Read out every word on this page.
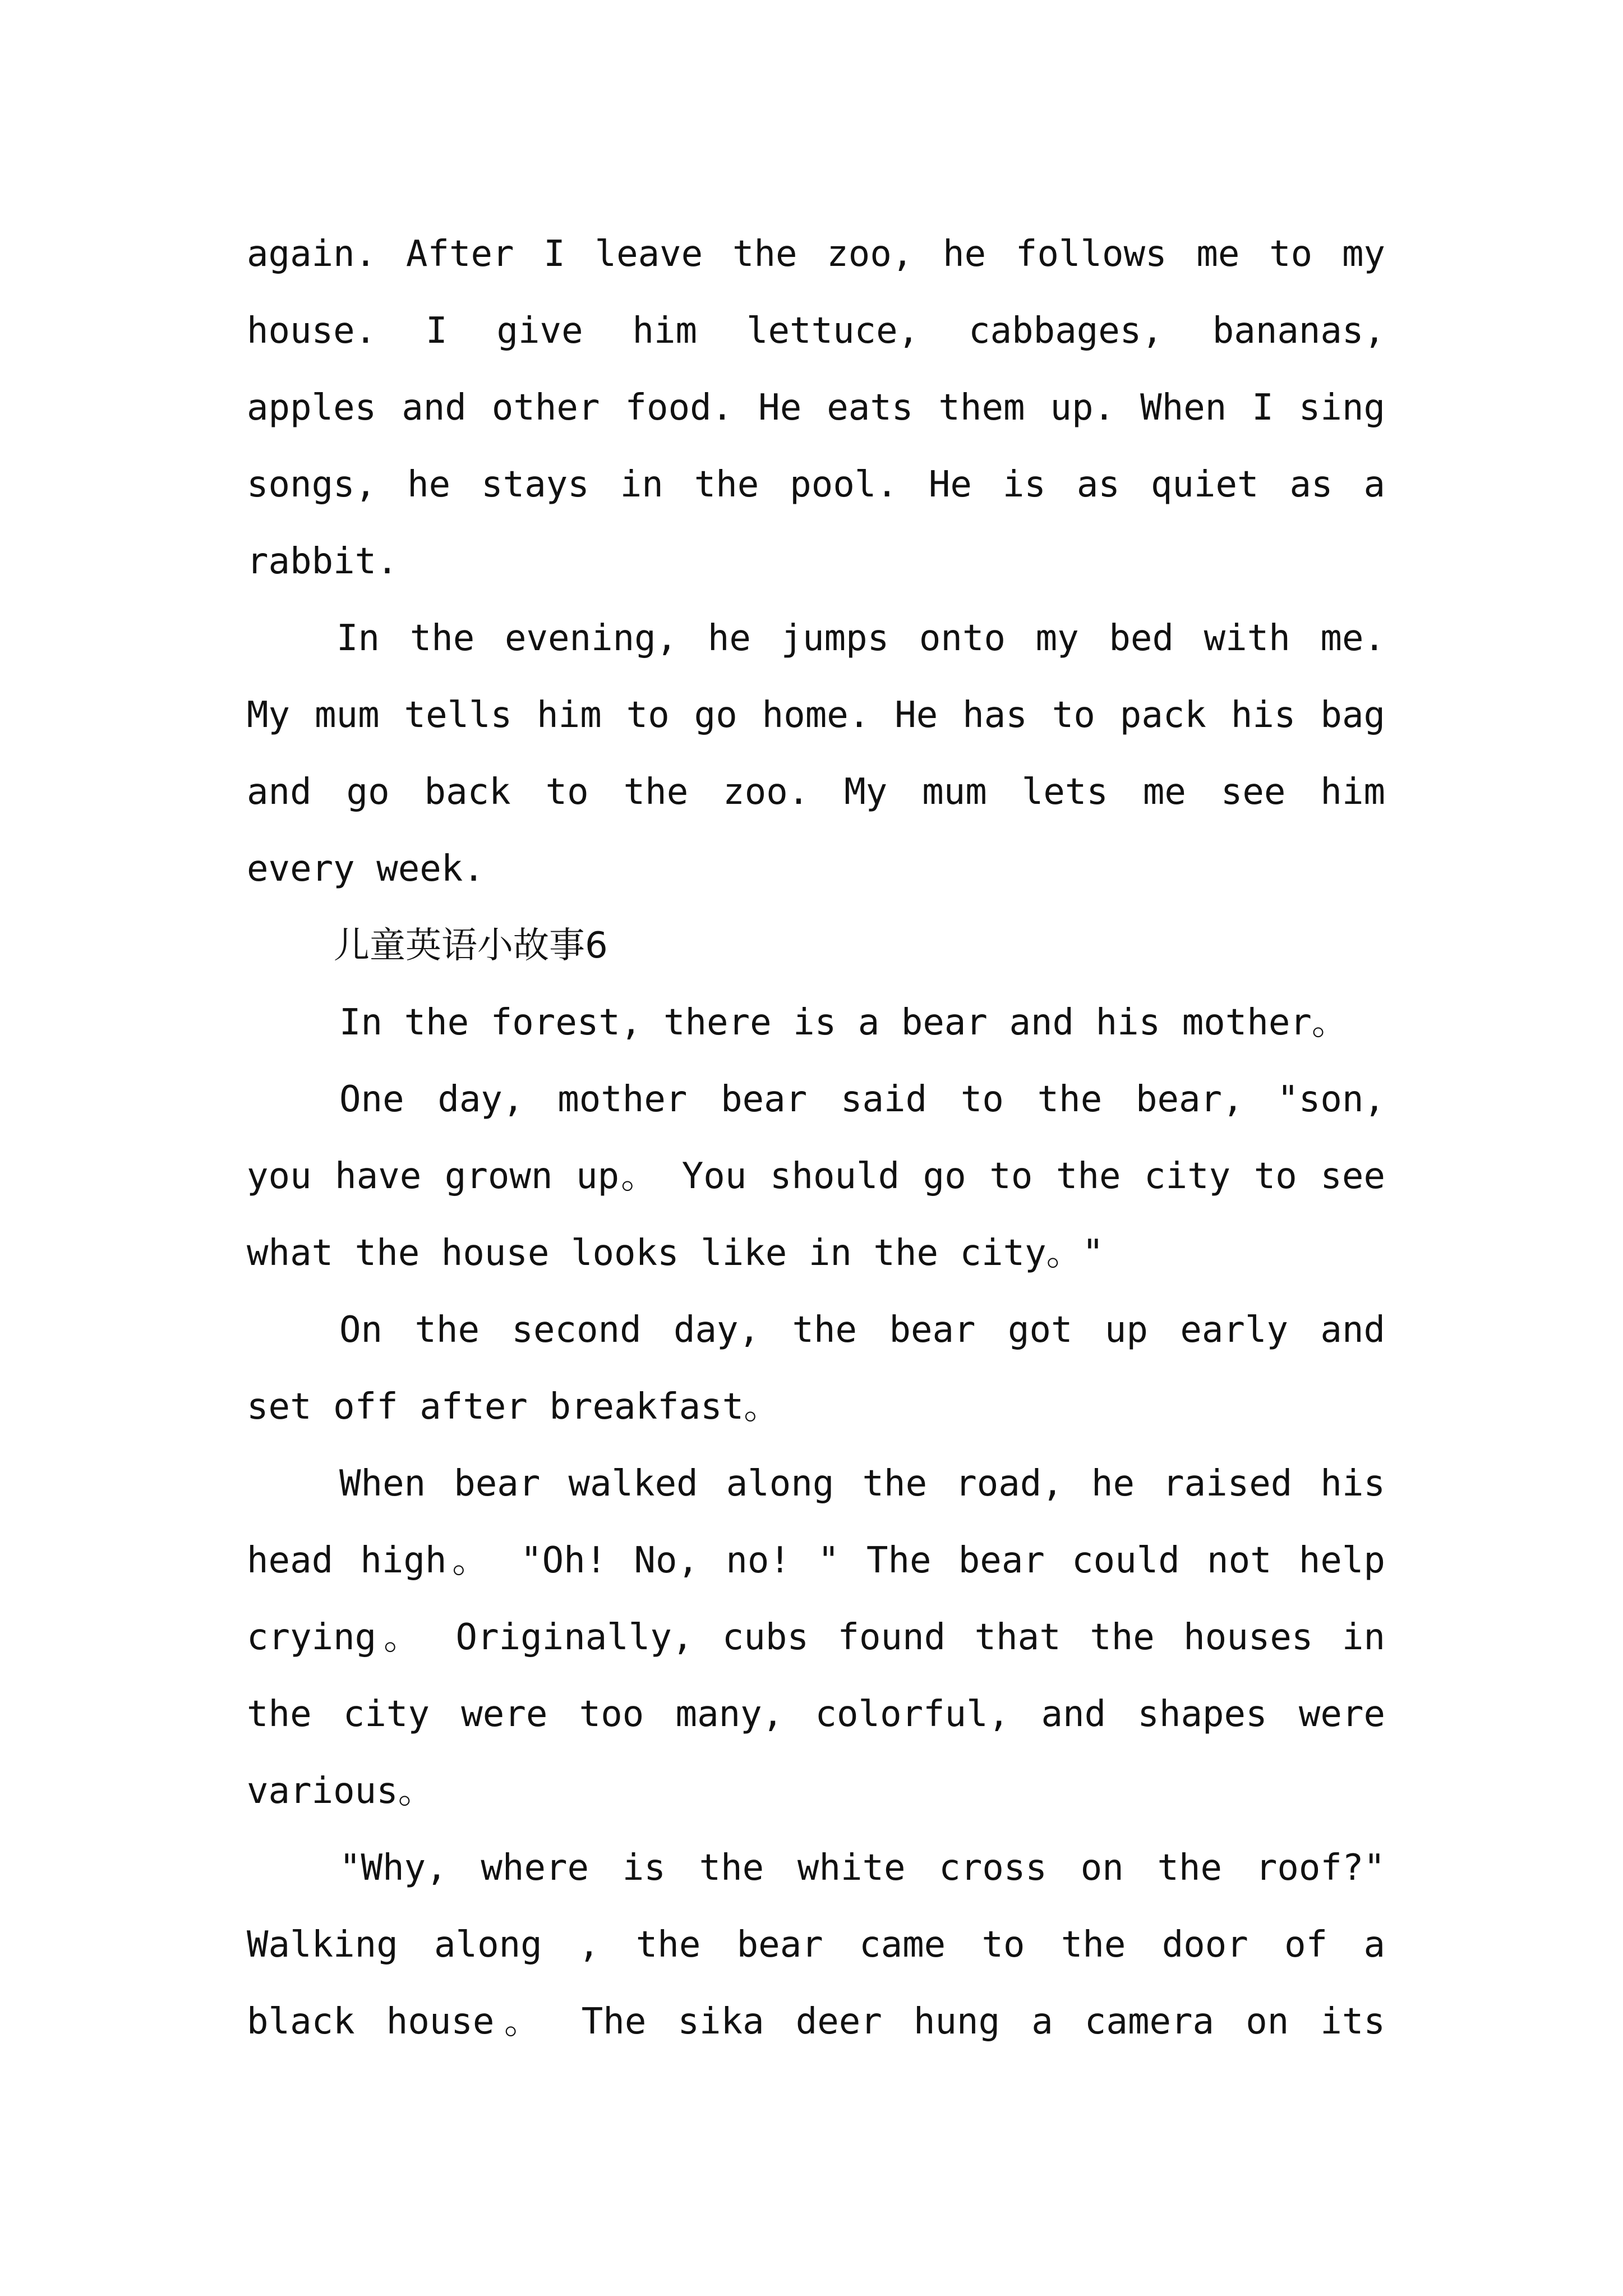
again. After I leave the zoo, he follows me to my
house. I give him lettuce, cabbages, bananas,
apples and other food. He eats them up. When I sing
songs, he stays in the pool. He is as quiet as a
rabbit.
In the evening, he jumps onto my bed with me.
My mum tells him to go home. He has to pack his bag
and go back to the zoo. My mum lets me see him
every week.
儿童英语小故事6
In the forest, there is a bear and his mother。
One day, mother bear said to the bear, "son,
you have grown up。 You should go to the city to see
what the house looks like in the city。"
On the second day, the bear got up early and
set off after breakfast。
When bear walked along the road, he raised his
head high。 "Oh! No, no! " The bear could not help
crying。 Originally, cubs found that the houses in
the city were too many, colorful, and shapes were
various。
"Why, where is the white cross on the roof?"
Walking along , the bear came to the door of a
black house。 The sika deer hung a camera on its
